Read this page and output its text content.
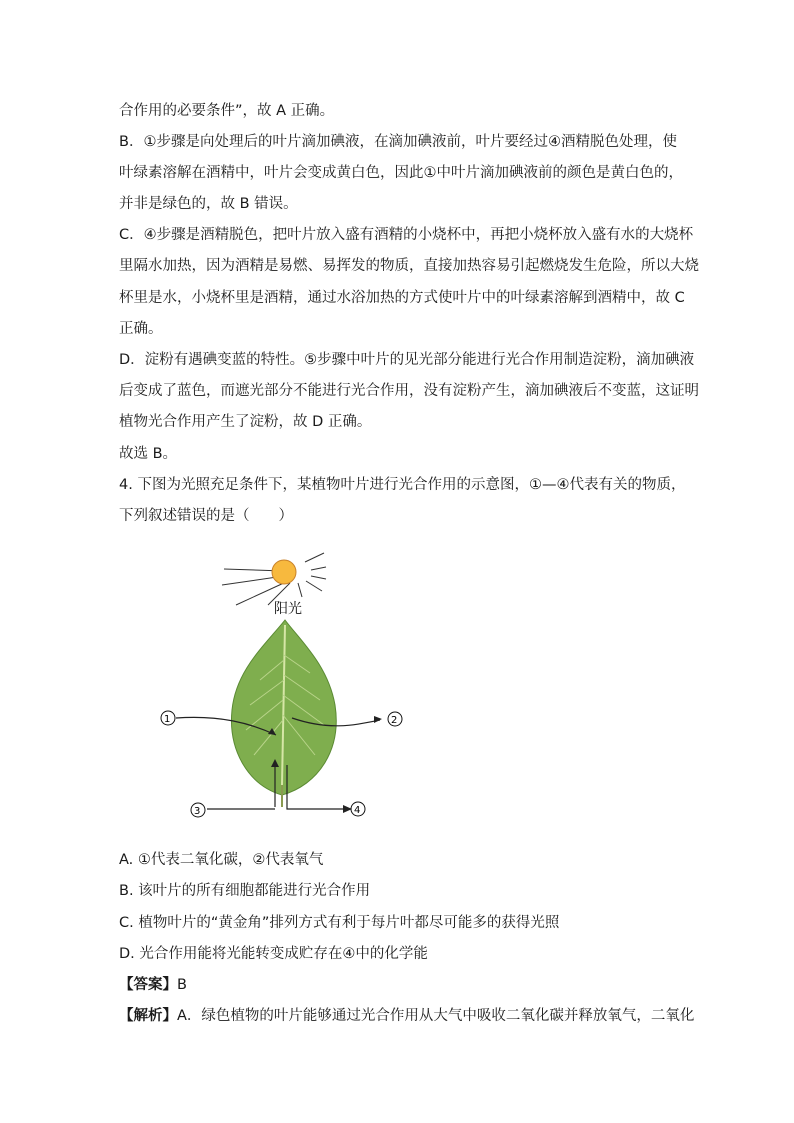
合作用的必要条件”，故 A 正确。
B．①步骤是向处理后的叶片滴加碘液，在滴加碘液前，叶片要经过④酒精脱色处理，使
叶绿素溶解在酒精中，叶片会变成黄白色，因此①中叶片滴加碘液前的颜色是黄白色的，
并非是绿色的，故 B 错误。
C．④步骤是酒精脱色，把叶片放入盛有酒精的小烧杯中，再把小烧杯放入盛有水的大烧杯
里隔水加热，因为酒精是易燃、易挥发的物质，直接加热容易引起燃烧发生危险，所以大烧
杯里是水，小烧杯里是酒精，通过水浴加热的方式使叶片中的叶绿素溶解到酒精中，故 C
正确。
D．淀粉有遇碘变蓝的特性。⑤步骤中叶片的见光部分能进行光合作用制造淀粉，滴加碘液
后变成了蓝色，而遮光部分不能进行光合作用，没有淀粉产生，滴加碘液后不变蓝，这证明
植物光合作用产生了淀粉，故 D 正确。
故选 B。
4. 下图为光照充足条件下，某植物叶片进行光合作用的示意图，①—④代表有关的物质，
下列叙述错误的是（　　）
阳光
1	2
3	4
A. ①代表二氧化碳，②代表氧气
B. 该叶片的所有细胞都能进行光合作用
C. 植物叶片的“黄金角”排列方式有利于每片叶都尽可能多的获得光照
D. 光合作用能将光能转变成贮存在④中的化学能
【答案】B
【解析】A．绿色植物的叶片能够通过光合作用从大气中吸收二氧化碳并释放氧气，二氧化
